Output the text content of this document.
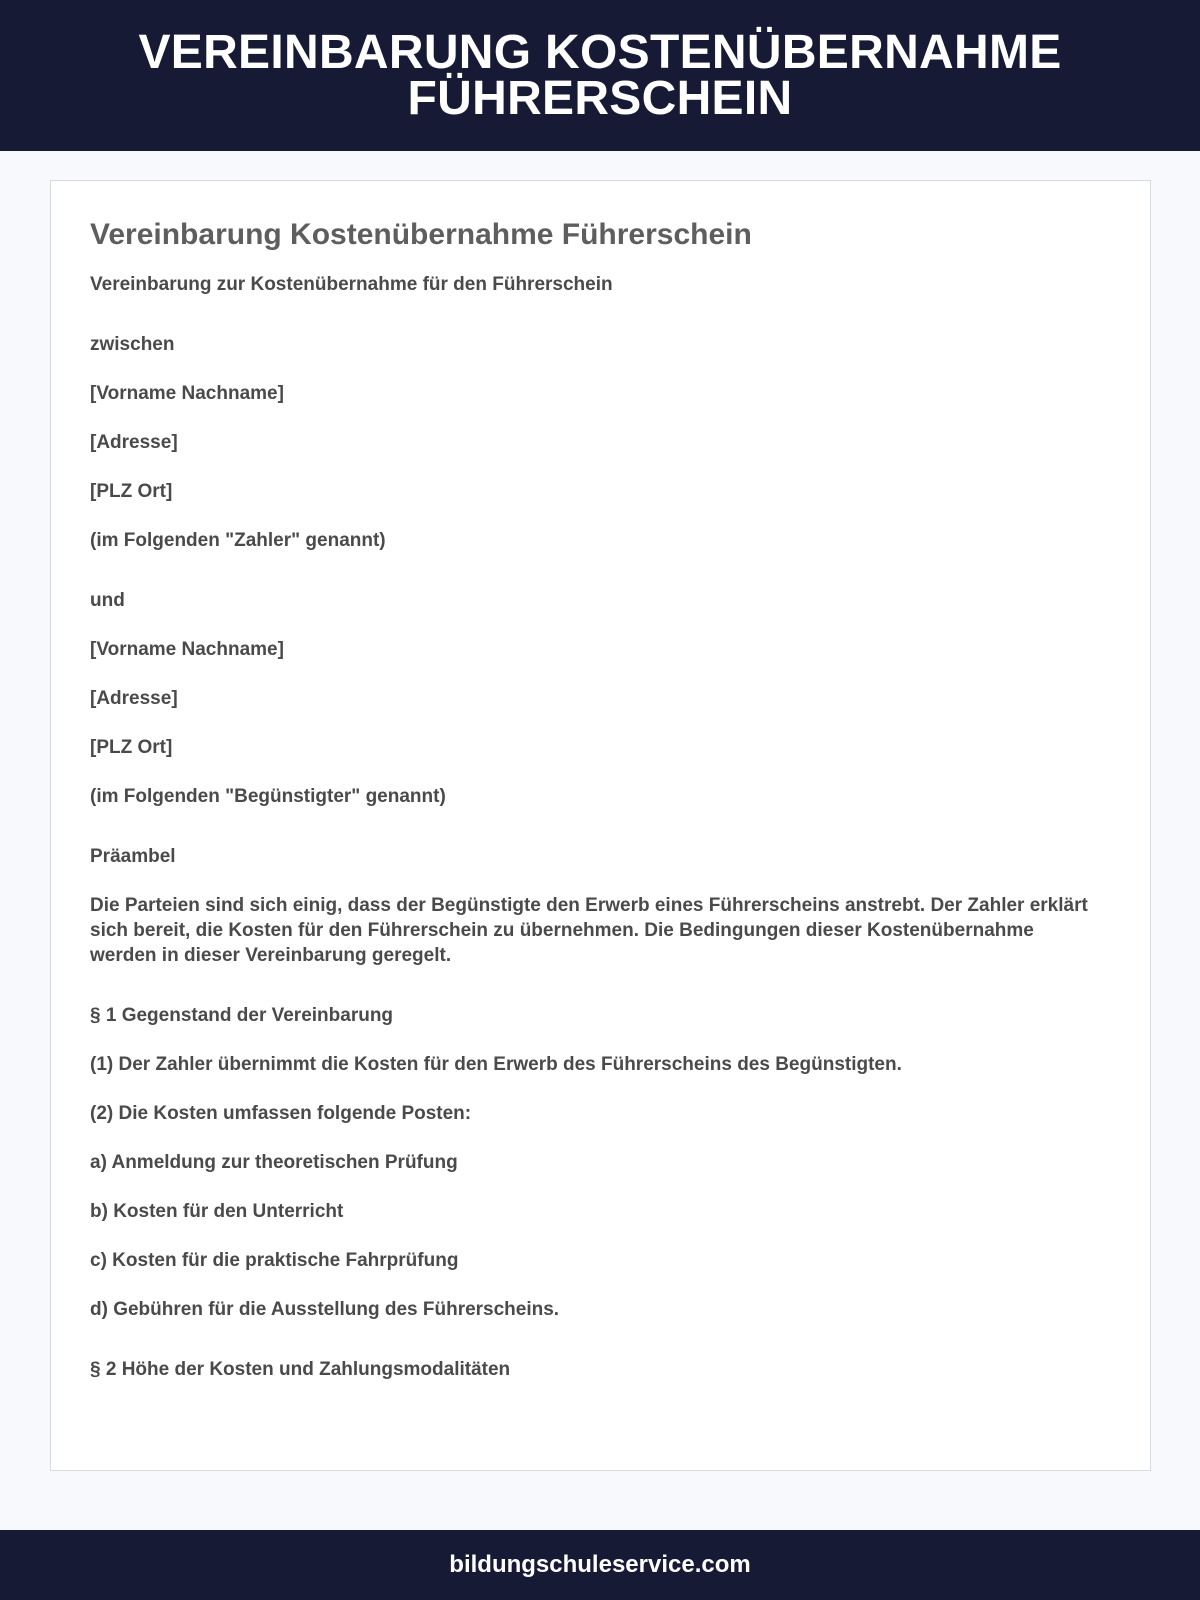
VEREINBARUNG KOSTENÜBERNAHME FÜHRERSCHEIN
Vereinbarung Kostenübernahme Führerschein

Vereinbarung zur Kostenübernahme für den Führerschein

zwischen

[Vorname Nachname]

[Adresse]

[PLZ Ort]

(im Folgenden "Zahler" genannt)

und

[Vorname Nachname]

[Adresse]

[PLZ Ort]

(im Folgenden "Begünstigter" genannt)

Präambel

Die Parteien sind sich einig, dass der Begünstigte den Erwerb eines Führerscheins anstrebt. Der Zahler erklärt sich bereit, die Kosten für den Führerschein zu übernehmen. Die Bedingungen dieser Kostenübernahme werden in dieser Vereinbarung geregelt.

§ 1 Gegenstand der Vereinbarung

(1) Der Zahler übernimmt die Kosten für den Erwerb des Führerscheins des Begünstigten.

(2) Die Kosten umfassen folgende Posten:

a) Anmeldung zur theoretischen Prüfung

b) Kosten für den Unterricht

c) Kosten für die praktische Fahrprüfung

d) Gebühren für die Ausstellung des Führerscheins.

§ 2 Höhe der Kosten und Zahlungsmodalitäten

bildungschuleservice.com
